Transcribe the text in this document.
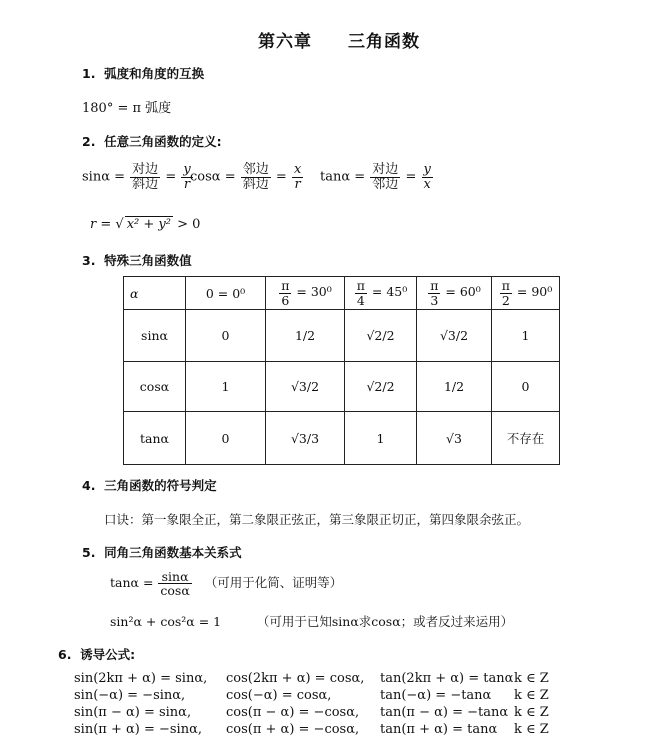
第六章　　三角函数
1. 弧度和角度的互换
180° = π 弧度
2. 任意三角函数的定义:
$\sin\alpha = \frac{\text{对边}}{\text{斜边}} = \frac{y}{r}$
$\cos\alpha = \frac{\text{邻边}}{\text{斜边}} = \frac{x}{r}$ $\tan\alpha = \frac{\text{对边}}{\text{邻边}} = \frac{y}{x}$
r = √ x² + y² > 0
3. 特殊三角函数值
α	0 = 0⁰	$\frac{\pi}{6} = 30^0$	$\frac{\pi}{4} = 45^0$	$\frac{\pi}{3} = 60^0$	$\frac{\pi}{2} = 90^0$
sinα	0	1/2	√2/2	√3/2	1
cosα	1	√3/2	√2/2	1/2	0
tanα	0	√3/3	1	√3	不存在
4. 三角函数的符号判定
口诀：第一象限全正，第二象限正弦正，第三象限正切正，第四象限余弦正。
5. 同角三角函数基本关系式
$\tan\alpha = \frac{\sin\alpha}{\cos\alpha}$ （可用于化简、证明等）
sin²α + cos²α = 1	（可用于已知sinα求cosα；或者反过来运用）
6. 诱导公式:
sin(2kπ + α) = sinα, cos(2kπ + α) = cosα, tan(2kπ + α) = tanα k ∈ Z
sin(−α) = −sinα,	cos(−α) = cosα,	tan(−α) = −tanα k ∈ Z
sin(π − α) = sinα,	cos(π − α) = −cosα, tan(π − α) = −tanα k ∈ Z
sin(π + α) = −sinα, cos(π + α) = −cosα, tan(π + α) = tanα k ∈ Z
